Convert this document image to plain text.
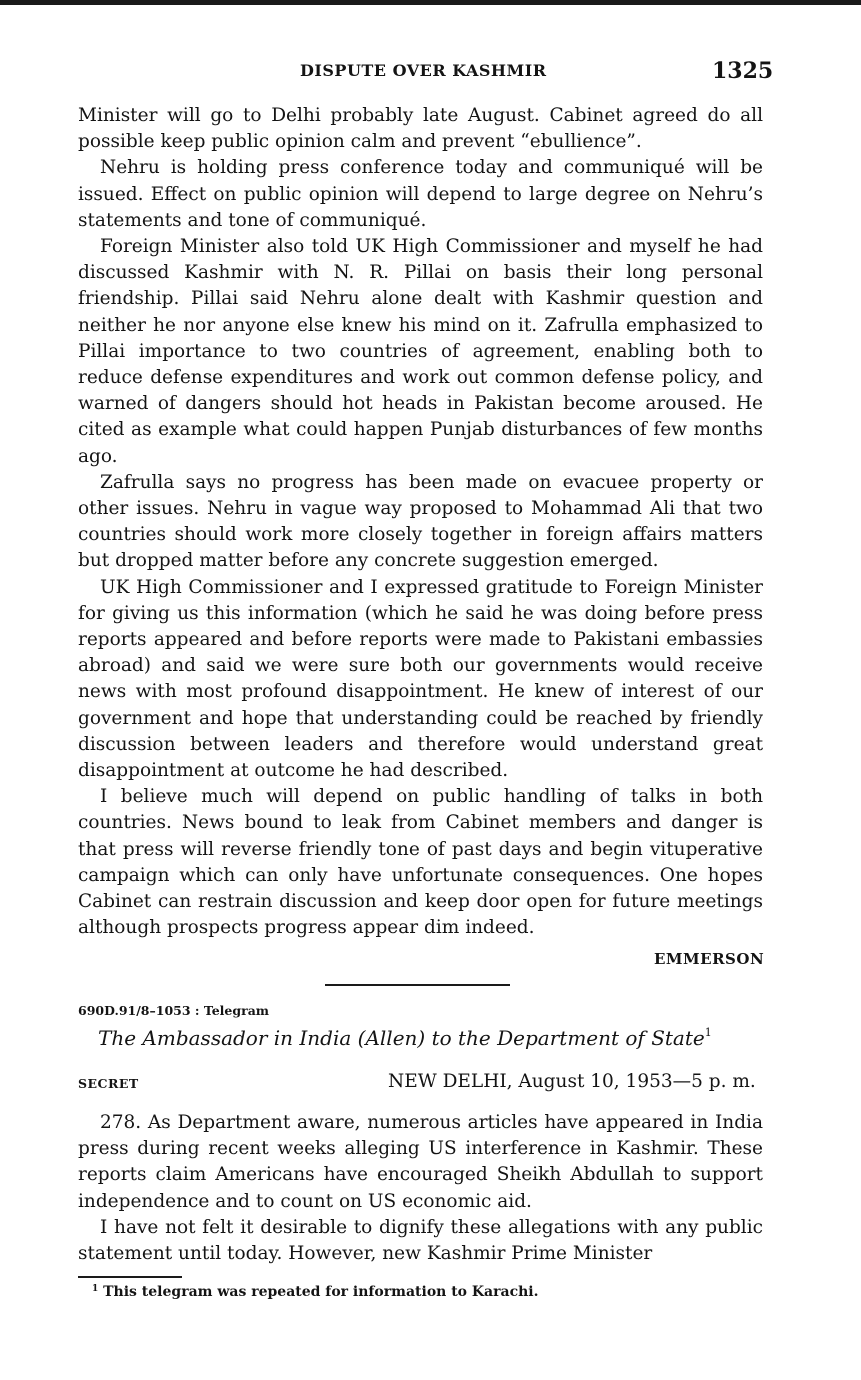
DISPUTE OVER KASHMIR	1325

Minister will go to Delhi probably late August. Cabinet agreed do all possible keep public opinion calm and prevent “ebullience”.

Nehru is holding press conference today and communiqué will be issued. Effect on public opinion will depend to large degree on Nehru’s statements and tone of communiqué.

Foreign Minister also told UK High Commissioner and myself he had discussed Kashmir with N. R. Pillai on basis their long personal friendship. Pillai said Nehru alone dealt with Kashmir question and neither he nor anyone else knew his mind on it. Zafrulla emphasized to Pillai importance to two countries of agreement, enabling both to reduce defense expenditures and work out common defense policy, and warned of dangers should hot heads in Pakistan become aroused. He cited as example what could happen Punjab disturbances of few months ago.

Zafrulla says no progress has been made on evacuee property or other issues. Nehru in vague way proposed to Mohammad Ali that two countries should work more closely together in foreign affairs matters but dropped matter before any concrete suggestion emerged.

UK High Commissioner and I expressed gratitude to Foreign Minister for giving us this information (which he said he was doing before press reports appeared and before reports were made to Pakistani embassies abroad) and said we were sure both our governments would receive news with most profound disappointment. He knew of interest of our government and hope that understanding could be reached by friendly discussion between leaders and therefore would understand great disappointment at outcome he had described.

I believe much will depend on public handling of talks in both countries. News bound to leak from Cabinet members and danger is that press will reverse friendly tone of past days and begin vituperative campaign which can only have unfortunate consequences. One hopes Cabinet can restrain discussion and keep door open for future meetings although prospects progress appear dim indeed.

EMMERSON
690D.91/8–1053 : Telegram
The Ambassador in India (Allen) to the Department of State$^1$
SECRET	NEW DELHI, August 10, 1953—5 p. m.

278. As Department aware, numerous articles have appeared in India press during recent weeks alleging US interference in Kashmir. These reports claim Americans have encouraged Sheikh Abdullah to support independence and to count on US economic aid.

I have not felt it desirable to dignify these allegations with any public statement until today. However, new Kashmir Prime Minister

$^1$ This telegram was repeated for information to Karachi.
